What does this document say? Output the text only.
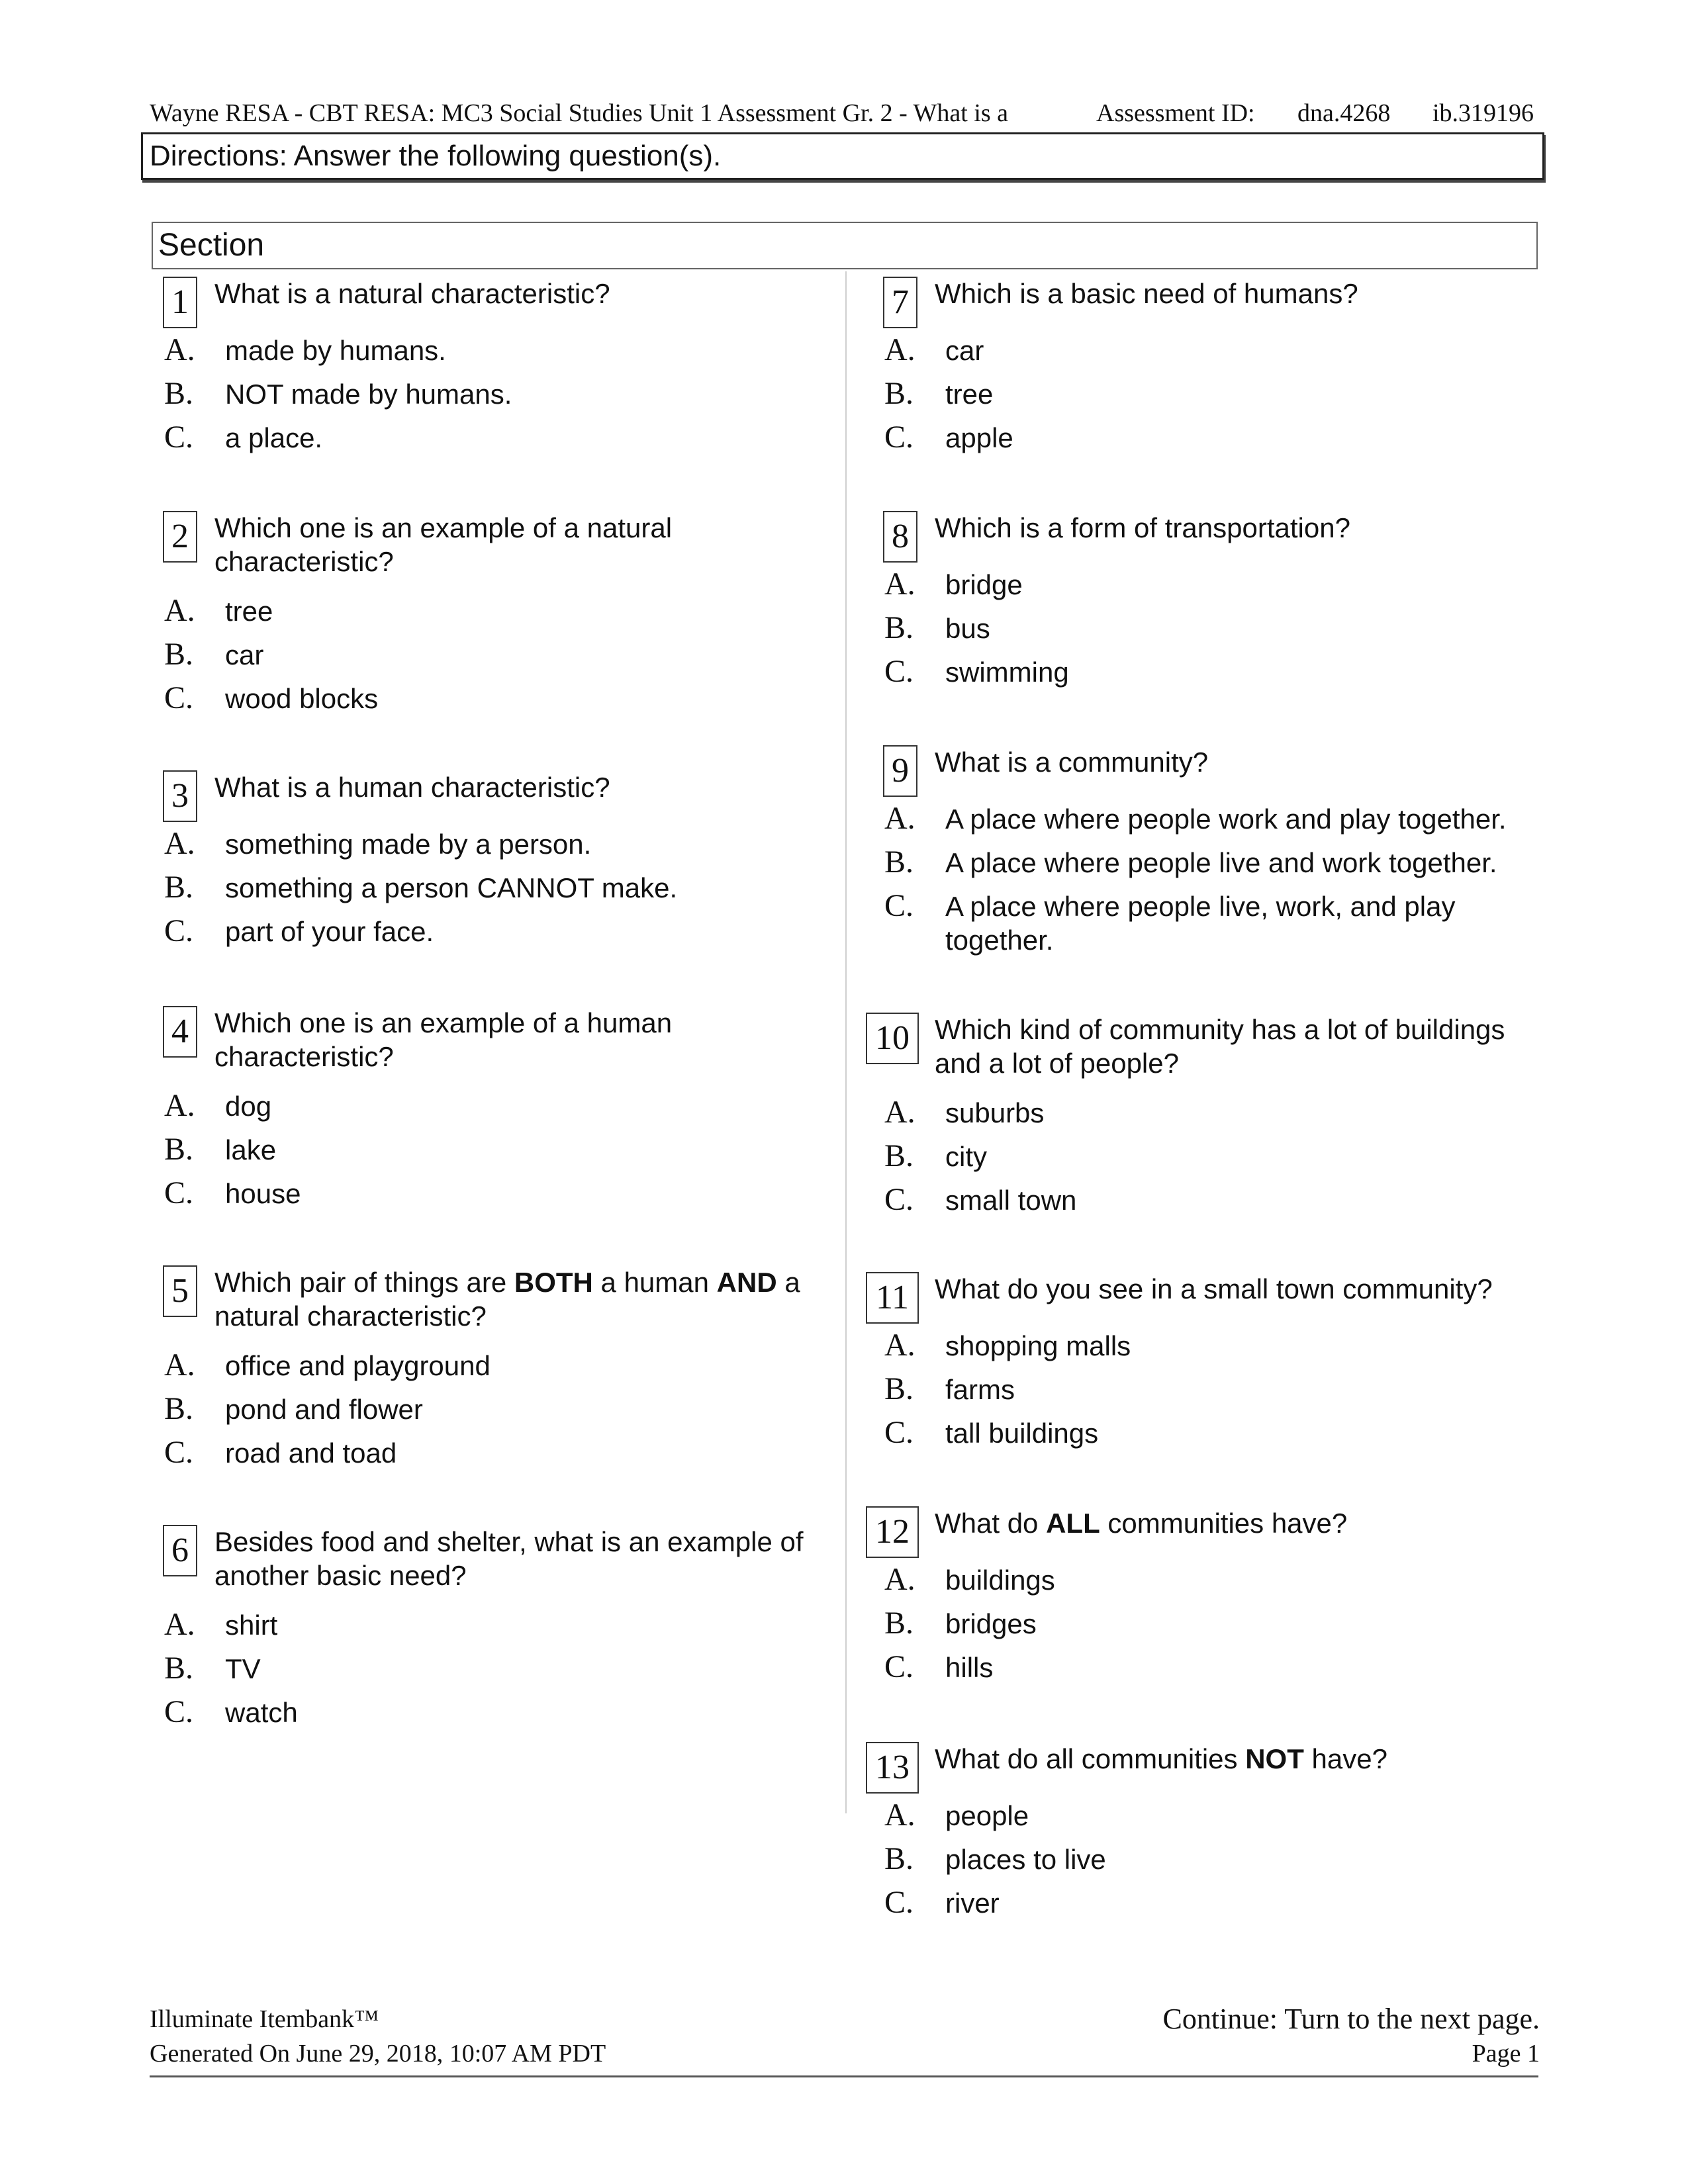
Wayne RESA - CBT RESA: MC3 Social Studies Unit 1 Assessment Gr. 2 - What is a	Assessment ID: dna.4268 ib.319196
Directions: Answer the following question(s).
Section
1 What is a natural characteristic?
A. made by humans.
B. NOT made by humans.
C. a place.
2 Which one is an example of a natural characteristic?
A. tree
B. car
C. wood blocks
3 What is a human characteristic?
A. something made by a person.
B. something a person CANNOT make.
C. part of your face.
4 Which one is an example of a human characteristic?
A. dog
B. lake
C. house
5 Which pair of things are BOTH a human AND a natural characteristic?
A. office and playground
B. pond and flower
C. road and toad
6 Besides food and shelter, what is an example of another basic need?
A. shirt
B. TV
C. watch
7 Which is a basic need of humans?
A. car
B. tree
C. apple
8 Which is a form of transportation?
A. bridge
B. bus
C. swimming
9 What is a community?
A. A place where people work and play together.
B. A place where people live and work together.
C. A place where people live, work, and play together.
10 Which kind of community has a lot of buildings and a lot of people?
A. suburbs
B. city
C. small town
11 What do you see in a small town community?
A. shopping malls
B. farms
C. tall buildings
12 What do ALL communities have?
A. buildings
B. bridges
C. hills
13 What do all communities NOT have?
A. people
B. places to live
C. river
Illuminate Itembank™
Generated On June 29, 2018, 10:07 AM PDT
Continue: Turn to the next page.
Page 1
